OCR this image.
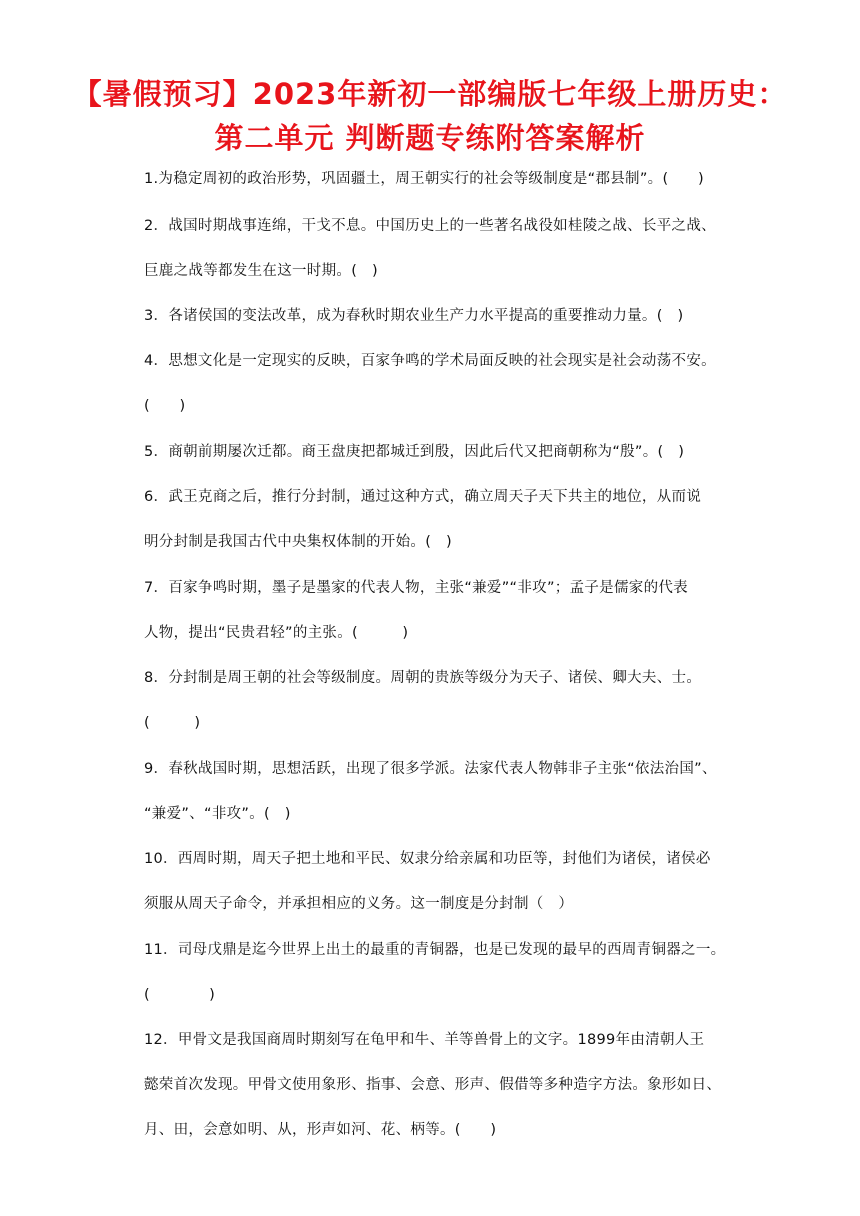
【暑假预习】2023年新初一部编版七年级上册历史：
第二单元 判断题专练附答案解析
1.为稳定周初的政治形势，巩固疆土，周王朝实行的社会等级制度是“郡县制”。(　　)
2．战国时期战事连绵，干戈不息。中国历史上的一些著名战役如桂陵之战、长平之战、
巨鹿之战等都发生在这一时期。(　)
3．各诸侯国的变法改革，成为春秋时期农业生产力水平提高的重要推动力量。(　)
4．思想文化是一定现实的反映，百家争鸣的学术局面反映的社会现实是社会动荡不安。
(　　)
5．商朝前期屡次迁都。商王盘庚把都城迁到殷，因此后代又把商朝称为“殷”。(　)
6．武王克商之后，推行分封制，通过这种方式，确立周天子天下共主的地位，从而说
明分封制是我国古代中央集权体制的开始。(　)
7．百家争鸣时期，墨子是墨家的代表人物，主张“兼爱”“非攻”；孟子是儒家的代表
人物，提出“民贵君轻”的主张。(　　　)
8．分封制是周王朝的社会等级制度。周朝的贵族等级分为天子、诸侯、卿大夫、士。
(　　　)
9．春秋战国时期，思想活跃，出现了很多学派。法家代表人物韩非子主张“依法治国”、
“兼爱”、“非攻”。(　)
10．西周时期，周天子把土地和平民、奴隶分给亲属和功臣等，封他们为诸侯，诸侯必
须服从周天子命令，并承担相应的义务。这一制度是分封制（　）
11．司母戊鼎是迄今世界上出土的最重的青铜器，也是已发现的最早的西周青铜器之一。
(　　　　)
12．甲骨文是我国商周时期刻写在龟甲和牛、羊等兽骨上的文字。1899年由清朝人王
懿荣首次发现。甲骨文使用象形、指事、会意、形声、假借等多种造字方法。象形如日、
月、田，会意如明、从，形声如河、花、柄等。(　　)
